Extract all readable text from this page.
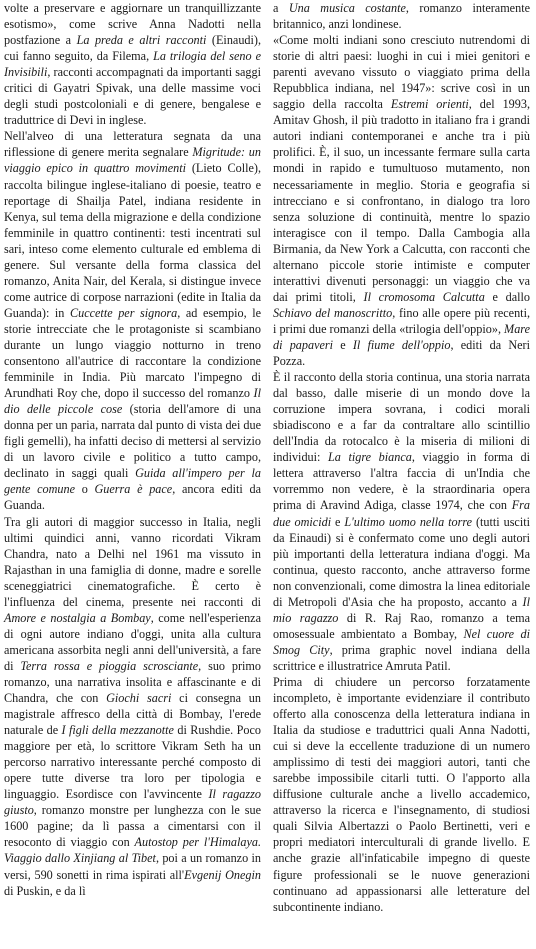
volte a preservare e aggiornare un tranquillizzante esotismo», come scrive Anna Nadotti nella postfazione a La preda e altri racconti (Einaudi), cui fanno seguito, da Filema, La trilogia del seno e Invisibili, racconti accompagnati da importanti saggi critici di Gayatri Spivak, una delle massime voci degli studi postcoloniali e di genere, bengalese e traduttrice di Devi in inglese.

Nell'alveo di una letteratura segnata da una riflessione di genere merita segnalare Migritude: un viaggio epico in quattro movimenti (Lieto Colle), raccolta bilingue inglese-italiano di poesie, teatro e reportage di Shailja Patel, indiana residente in Kenya, sul tema della migrazione e della condizione femminile in quattro continenti: testi incentrati sul sari, inteso come elemento culturale ed emblema di genere. Sul versante della forma classica del romanzo, Anita Nair, del Kerala, si distingue invece come autrice di corpose narrazioni (edite in Italia da Guanda): in Cuccette per signora, ad esempio, le storie intrecciate che le protagoniste si scambiano durante un lungo viaggio notturno in treno consentono all'autrice di raccontare la condizione femminile in India. Più marcato l'impegno di Arundhati Roy che, dopo il successo del romanzo Il dio delle piccole cose (storia dell'amore di una donna per un paria, narrata dal punto di vista dei due figli gemelli), ha infatti deciso di mettersi al servizio di un lavoro civile e politico a tutto campo, declinato in saggi quali Guida all'impero per la gente comune o Guerra è pace, ancora editi da Guanda.

Tra gli autori di maggior successo in Italia, negli ultimi quindici anni, vanno ricordati Vikram Chandra, nato a Delhi nel 1961 ma vissuto in Rajasthan in una famiglia di donne, madre e sorelle sceneggiatrici cinematografiche. È certo è l'influenza del cinema, presente nei racconti di Amore e nostalgia a Bombay, come nell'esperienza di ogni autore indiano d'oggi, unita alla cultura americana assorbita negli anni dell'università, a fare di Terra rossa e pioggia scrosciante, suo primo romanzo, una narrativa insolita e affascinante e di Chandra, che con Giochi sacri ci consegna un magistrale affresco della città di Bombay, l'erede naturale de I figli della mezzanotte di Rushdie. Poco maggiore per età, lo scrittore Vikram Seth ha un percorso narrativo interessante perché composto di opere tutte diverse tra loro per tipologia e linguaggio. Esordisce con l'avvincente Il ragazzo giusto, romanzo monstre per lunghezza con le sue 1600 pagine; da lì passa a cimentarsi con il resoconto di viaggio con Autostop per l'Himalaya. Viaggio dallo Xinjiang al Tibet, poi a un romanzo in versi, 590 sonetti in rima ispirati all'Evgenij Onegin di Puskin, e da lì

a Una musica costante, romanzo interamente britannico, anzi londinese.

«Come molti indiani sono cresciuto nutrendomi di storie di altri paesi: luoghi in cui i miei genitori e parenti avevano vissuto o viaggiato prima della Repubblica indiana, nel 1947»: scrive così in un saggio della raccolta Estremi orienti, del 1993, Amitav Ghosh, il più tradotto in italiano fra i grandi autori indiani contemporanei e anche tra i più prolifici. È, il suo, un incessante fermare sulla carta mondi in rapido e tumultuoso mutamento, non necessariamente in meglio. Storia e geografia si intrecciano e si confrontano, in dialogo tra loro senza soluzione di continuità, mentre lo spazio interagisce con il tempo. Dalla Cambogia alla Birmania, da New York a Calcutta, con racconti che alternano piccole storie intimiste e computer interattivi divenuti personaggi: un viaggio che va dai primi titoli, Il cromosoma Calcutta e dallo Schiavo del manoscritto, fino alle opere più recenti, i primi due romanzi della «trilogia dell'oppio», Mare di papaveri e Il fiume dell'oppio, editi da Neri Pozza.

È il racconto della storia continua, una storia narrata dal basso, dalle miserie di un mondo dove la corruzione impera sovrana, i codici morali sbiadiscono e a far da contraltare allo scintillio dell'India da rotocalco è la miseria di milioni di individui: La tigre bianca, viaggio in forma di lettera attraverso l'altra faccia di un'India che vorremmo non vedere, è la straordinaria opera prima di Aravind Adiga, classe 1974, che con Fra due omicidi e L'ultimo uomo nella torre (tutti usciti da Einaudi) si è confermato come uno degli autori più importanti della letteratura indiana d'oggi. Ma continua, questo racconto, anche attraverso forme non convenzionali, come dimostra la linea editoriale di Metropoli d'Asia che ha proposto, accanto a Il mio ragazzo di R. Raj Rao, romanzo a tema omosessuale ambientato a Bombay, Nel cuore di Smog City, prima graphic novel indiana della scrittrice e illustratrice Amruta Patil.

Prima di chiudere un percorso forzatamente incompleto, è importante evidenziare il contributo offerto alla conoscenza della letteratura indiana in Italia da studiose e traduttrici quali Anna Nadotti, cui si deve la eccellente traduzione di un numero amplissimo di testi dei maggiori autori, tanti che sarebbe impossibile citarli tutti. O l'apporto alla diffusione culturale anche a livello accademico, attraverso la ricerca e l'insegnamento, di studiosi quali Silvia Albertazzi o Paolo Bertinetti, veri e propri mediatori interculturali di grande livello. E anche grazie all'infaticabile impegno di queste figure professionali se le nuove generazioni continuano ad appassionarsi alle letterature del subcontinente indiano.
